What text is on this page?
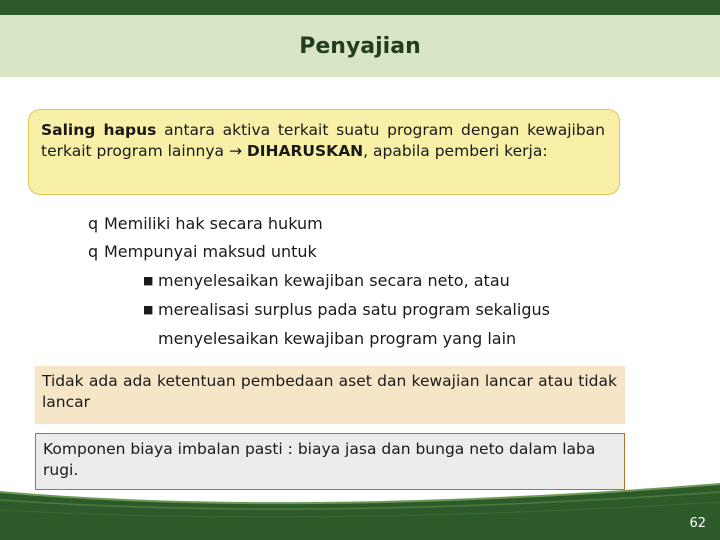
Penyajian
Saling hapus antara aktiva terkait suatu program dengan kewajiban terkait program lainnya → DIHARUSKAN, apabila pemberi kerja:
q Memiliki hak secara hukum
q Mempunyai maksud untuk
■ menyelesaikan kewajiban secara neto, atau
■ merealisasi surplus pada satu program sekaligus menyelesaikan kewajiban program yang lain
Tidak ada ada ketentuan pembedaan aset dan kewajian lancar atau tidak lancar
Komponen biaya imbalan pasti : biaya jasa dan bunga neto dalam laba rugi.
62
